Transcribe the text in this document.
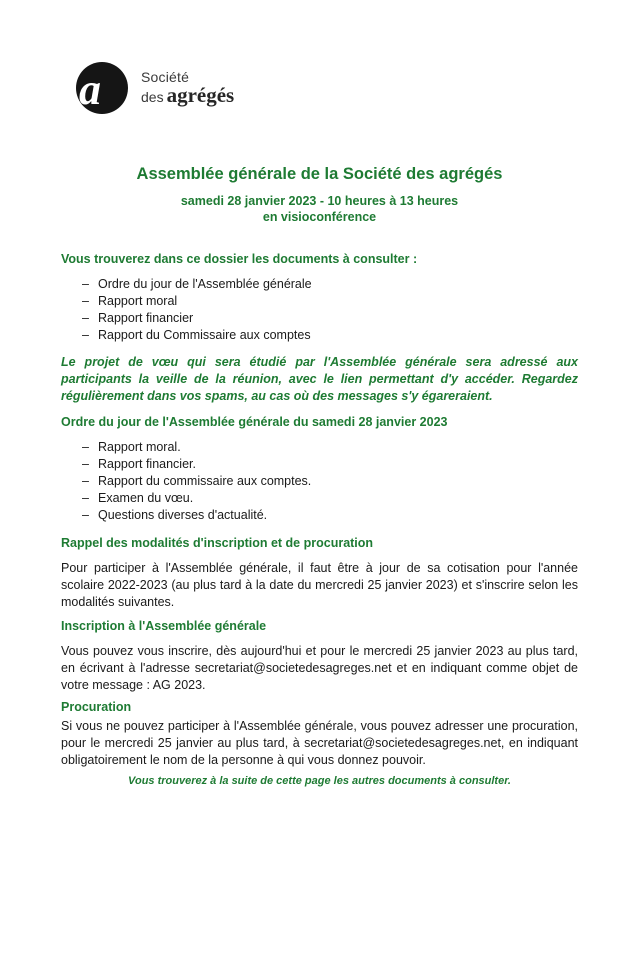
a	Société
des agrégés
Assemblée générale de la Société des agrégés
samedi 28 janvier 2023 - 10 heures à 13 heures
en visioconférence
Vous trouverez dans ce dossier les documents à consulter :
– Ordre du jour de l'Assemblée générale
– Rapport moral
– Rapport financier
– Rapport du Commissaire aux comptes
Le projet de vœu qui sera étudié par l'Assemblée générale sera adressé aux participants la veille de la réunion, avec le lien permettant d'y accéder. Regardez régulièrement dans vos spams, au cas où des messages s'y égareraient.
Ordre du jour de l'Assemblée générale du samedi 28 janvier 2023
– Rapport moral.
– Rapport financier.
– Rapport du commissaire aux comptes.
– Examen du vœu.
– Questions diverses d'actualité.
Rappel des modalités d'inscription et de procuration
Pour participer à l'Assemblée générale, il faut être à jour de sa cotisation pour l'année scolaire 2022-2023 (au plus tard à la date du mercredi 25 janvier 2023) et s'inscrire selon les modalités suivantes.
Inscription à l'Assemblée générale
Vous pouvez vous inscrire, dès aujourd'hui et pour le mercredi 25 janvier 2023 au plus tard, en écrivant à l'adresse secretariat@societedesagreges.net et en indiquant comme objet de votre message : AG 2023.
Procuration
Si vous ne pouvez participer à l'Assemblée générale, vous pouvez adresser une procuration, pour le mercredi 25 janvier au plus tard, à secretariat@societedesagreges.net, en indiquant obligatoirement le nom de la personne à qui vous donnez pouvoir.
Vous trouverez à la suite de cette page les autres documents à consulter.
